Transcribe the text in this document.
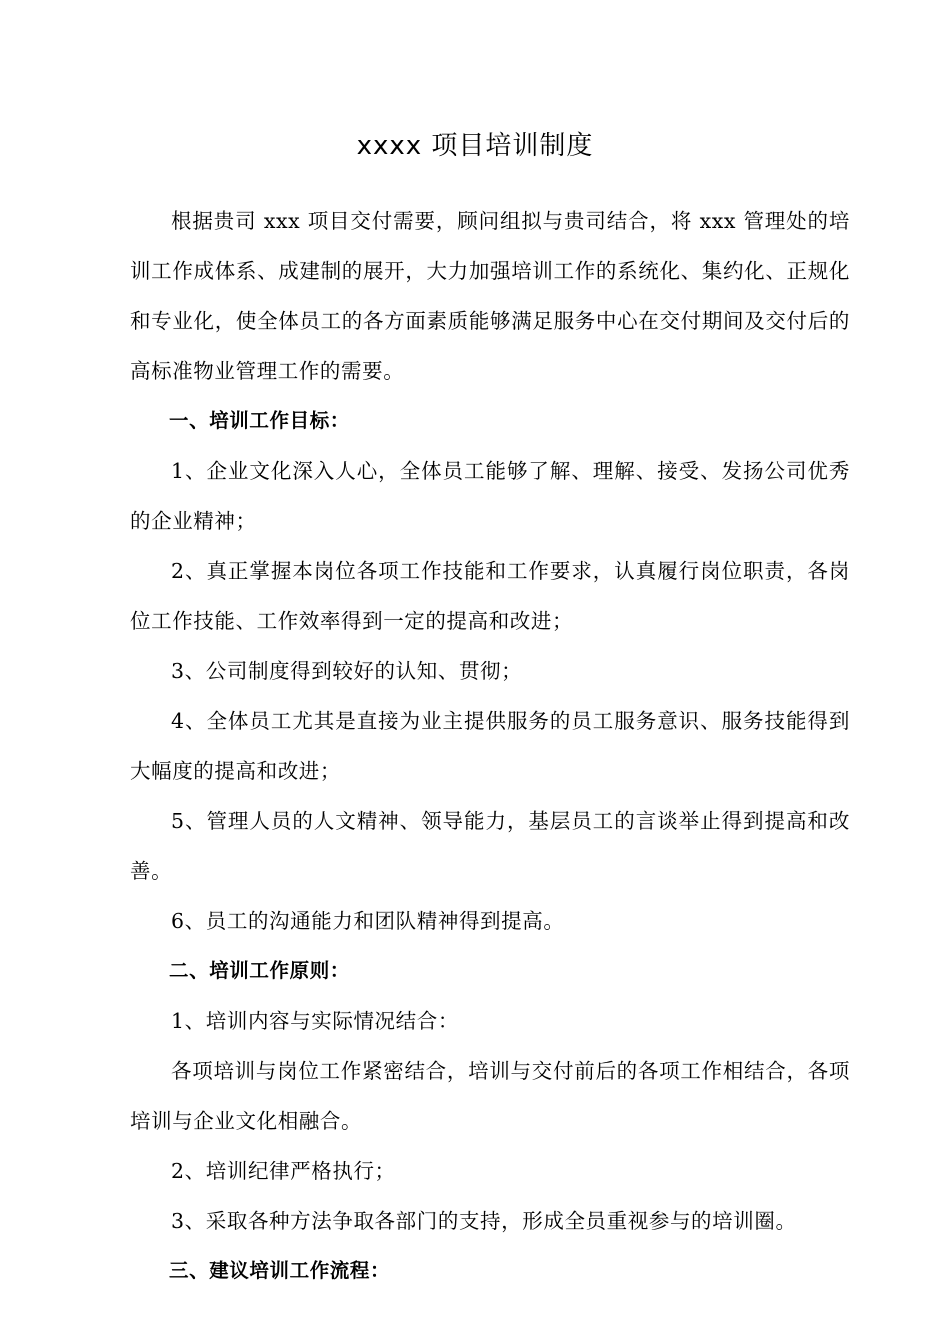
xxxx 项目培训制度

根据贵司 xxx 项目交付需要，顾问组拟与贵司结合，将 xxx 管理处的培训工作成体系、成建制的展开，大力加强培训工作的系统化、集约化、正规化和专业化，使全体员工的各方面素质能够满足服务中心在交付期间及交付后的高标准物业管理工作的需要。

一、培训工作目标：

1、企业文化深入人心，全体员工能够了解、理解、接受、发扬公司优秀的企业精神；

2、真正掌握本岗位各项工作技能和工作要求，认真履行岗位职责，各岗位工作技能、工作效率得到一定的提高和改进；

3、公司制度得到较好的认知、贯彻；

4、全体员工尤其是直接为业主提供服务的员工服务意识、服务技能得到大幅度的提高和改进；

5、管理人员的人文精神、领导能力，基层员工的言谈举止得到提高和改善。

6、员工的沟通能力和团队精神得到提高。

二、培训工作原则：

1、培训内容与实际情况结合：

各项培训与岗位工作紧密结合，培训与交付前后的各项工作相结合，各项培训与企业文化相融合。

2、培训纪律严格执行；

3、采取各种方法争取各部门的支持，形成全员重视参与的培训圈。

三、建议培训工作流程：
